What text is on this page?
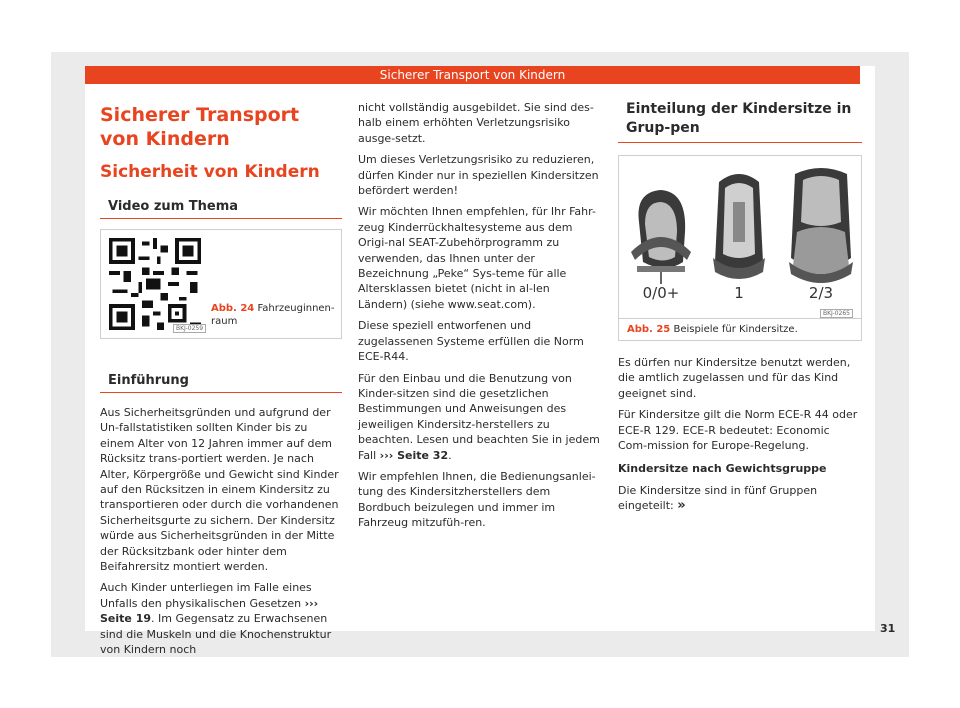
Sicherer Transport von Kindern
Sicherer Transport von Kindern
Sicherheit von Kindern
Video zum Thema
BKJ-0259
Abb. 24 Fahrzeuginnen-raum
Einführung

Aus Sicherheitsgründen und aufgrund der Un-fallstatistiken sollten Kinder bis zu einem Alter von 12 Jahren immer auf dem Rücksitz trans-portiert werden. Je nach Alter, Körpergröße und Gewicht sind Kinder auf den Rücksitzen in einem Kindersitz zu transportieren oder durch die vorhandenen Sicherheitsgurte zu sichern. Der Kindersitz würde aus Sicherheitsgründen in der Mitte der Rücksitzbank oder hinter dem Beifahrersitz montiert werden.

Auch Kinder unterliegen im Falle eines Unfalls den physikalischen Gesetzen ››› Seite 19. Im Gegensatz zu Erwachsenen sind die Muskeln und die Knochenstruktur von Kindern noch

nicht vollständig ausgebildet. Sie sind des-halb einem erhöhten Verletzungsrisiko ausge-setzt.

Um dieses Verletzungsrisiko zu reduzieren, dürfen Kinder nur in speziellen Kindersitzen befördert werden!

Wir möchten Ihnen empfehlen, für Ihr Fahr-zeug Kinderrückhaltesysteme aus dem Origi-nal SEAT-Zubehörprogramm zu verwenden, das Ihnen unter der Bezeichnung „Peke“ Sys-teme für alle Altersklassen bietet (nicht in al-len Ländern) (siehe www.seat.com).

Diese speziell entworfenen und zugelassenen Systeme erfüllen die Norm ECE-R44.

Für den Einbau und die Benutzung von Kinder-sitzen sind die gesetzlichen Bestimmungen und Anweisungen des jeweiligen Kindersitz-herstellers zu beachten. Lesen und beachten Sie in jedem Fall ››› Seite 32.

Wir empfehlen Ihnen, die Bedienungsanlei-tung des Kindersitzherstellers dem Bordbuch beizulegen und immer im Fahrzeug mitzufüh-ren.

Einteilung der Kindersitze in Grup-pen
0/0+	1	2/3
BKJ-0265
Abb. 25 Beispiele für Kindersitze.

Es dürfen nur Kindersitze benutzt werden, die amtlich zugelassen und für das Kind geeignet sind.

Für Kindersitze gilt die Norm ECE-R 44 oder ECE-R 129. ECE-R bedeutet: Economic Com-mission for Europe-Regelung.

Kindersitze nach Gewichtsgruppe

Die Kindersitze sind in fünf Gruppen eingeteilt: »

31
